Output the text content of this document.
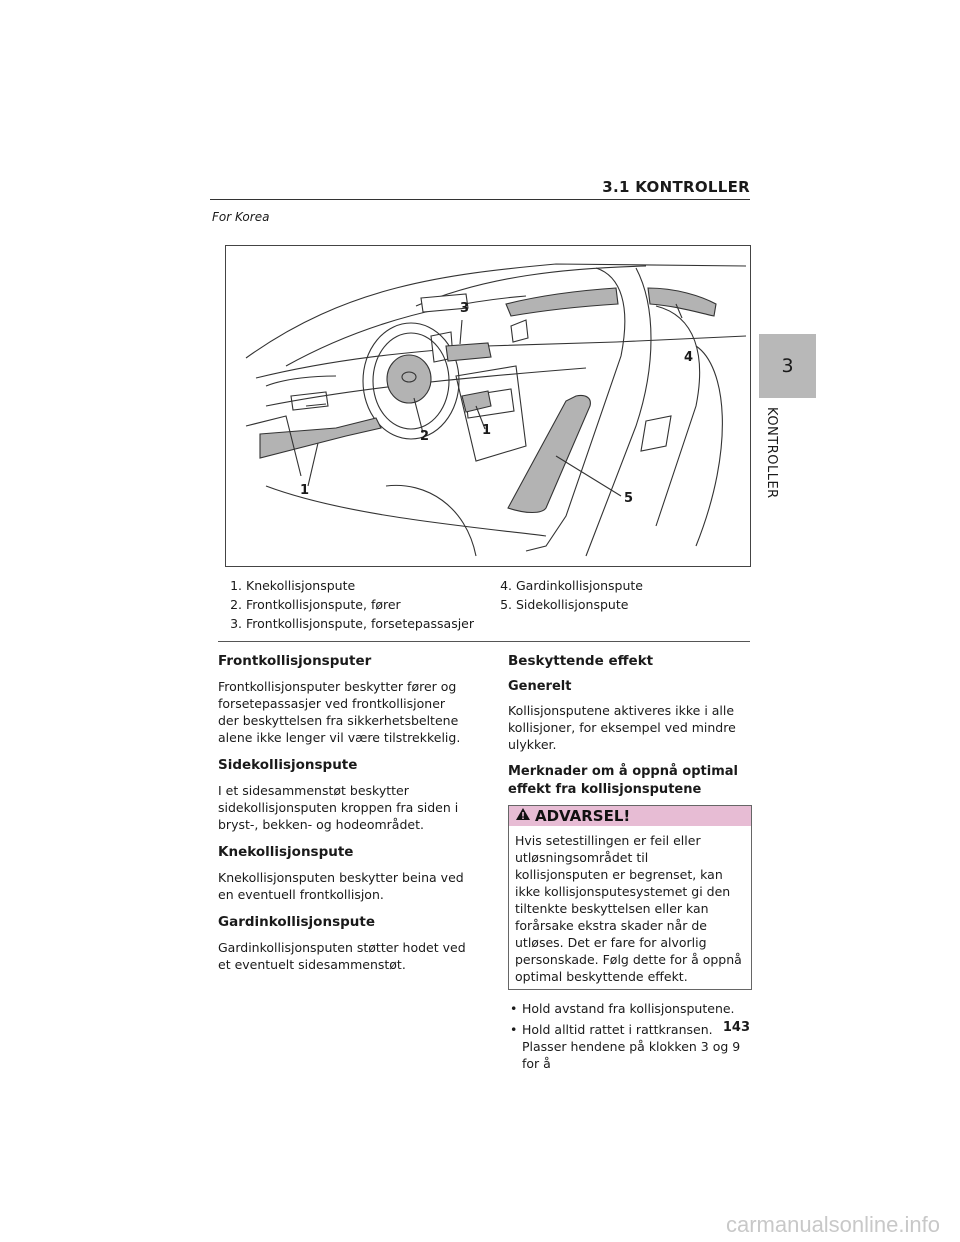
3.1 KONTROLLER
For Korea
3
4
2	1
1
5
1. Knekollisjonspute
2. Frontkollisjonspute, fører
3. Frontkollisjonspute, forsetepassasjer
4. Gardinkollisjonspute
5. Sidekollisjonspute
Frontkollisjonsputer

Frontkollisjonsputer beskytter fører og forsetepassasjer ved frontkollisjoner der beskyttelsen fra sikkerhetsbeltene alene ikke lenger vil være tilstrekkelig.

Sidekollisjonspute

I et sidesammenstøt beskytter sidekollisjonsputen kroppen fra siden i bryst-, bekken- og hodeområdet.

Knekollisjonspute

Knekollisjonsputen beskytter beina ved en eventuell frontkollisjon.

Gardinkollisjonspute

Gardinkollisjonsputen støtter hodet ved et eventuelt sidesammenstøt.

Beskyttende effekt
Generelt

Kollisjonsputene aktiveres ikke i alle kollisjoner, for eksempel ved mindre ulykker.

Merknader om å oppnå optimal effekt fra kollisjonsputene
ADVARSEL!
Hvis setestillingen er feil eller utløsningsområdet til kollisjonsputen er begrenset, kan ikke kollisjonsputesystemet gi den tiltenkte beskyttelsen eller kan forårsake ekstra skader når de utløses. Det er fare for alvorlig personskade. Følg dette for å oppnå optimal beskyttende effekt.
• Hold avstand fra kollisjonsputene.
• Hold alltid rattet i rattkransen. Plasser hendene på klokken 3 og 9 for å
3
KONTROLLER
143
carmanualsonline.info
